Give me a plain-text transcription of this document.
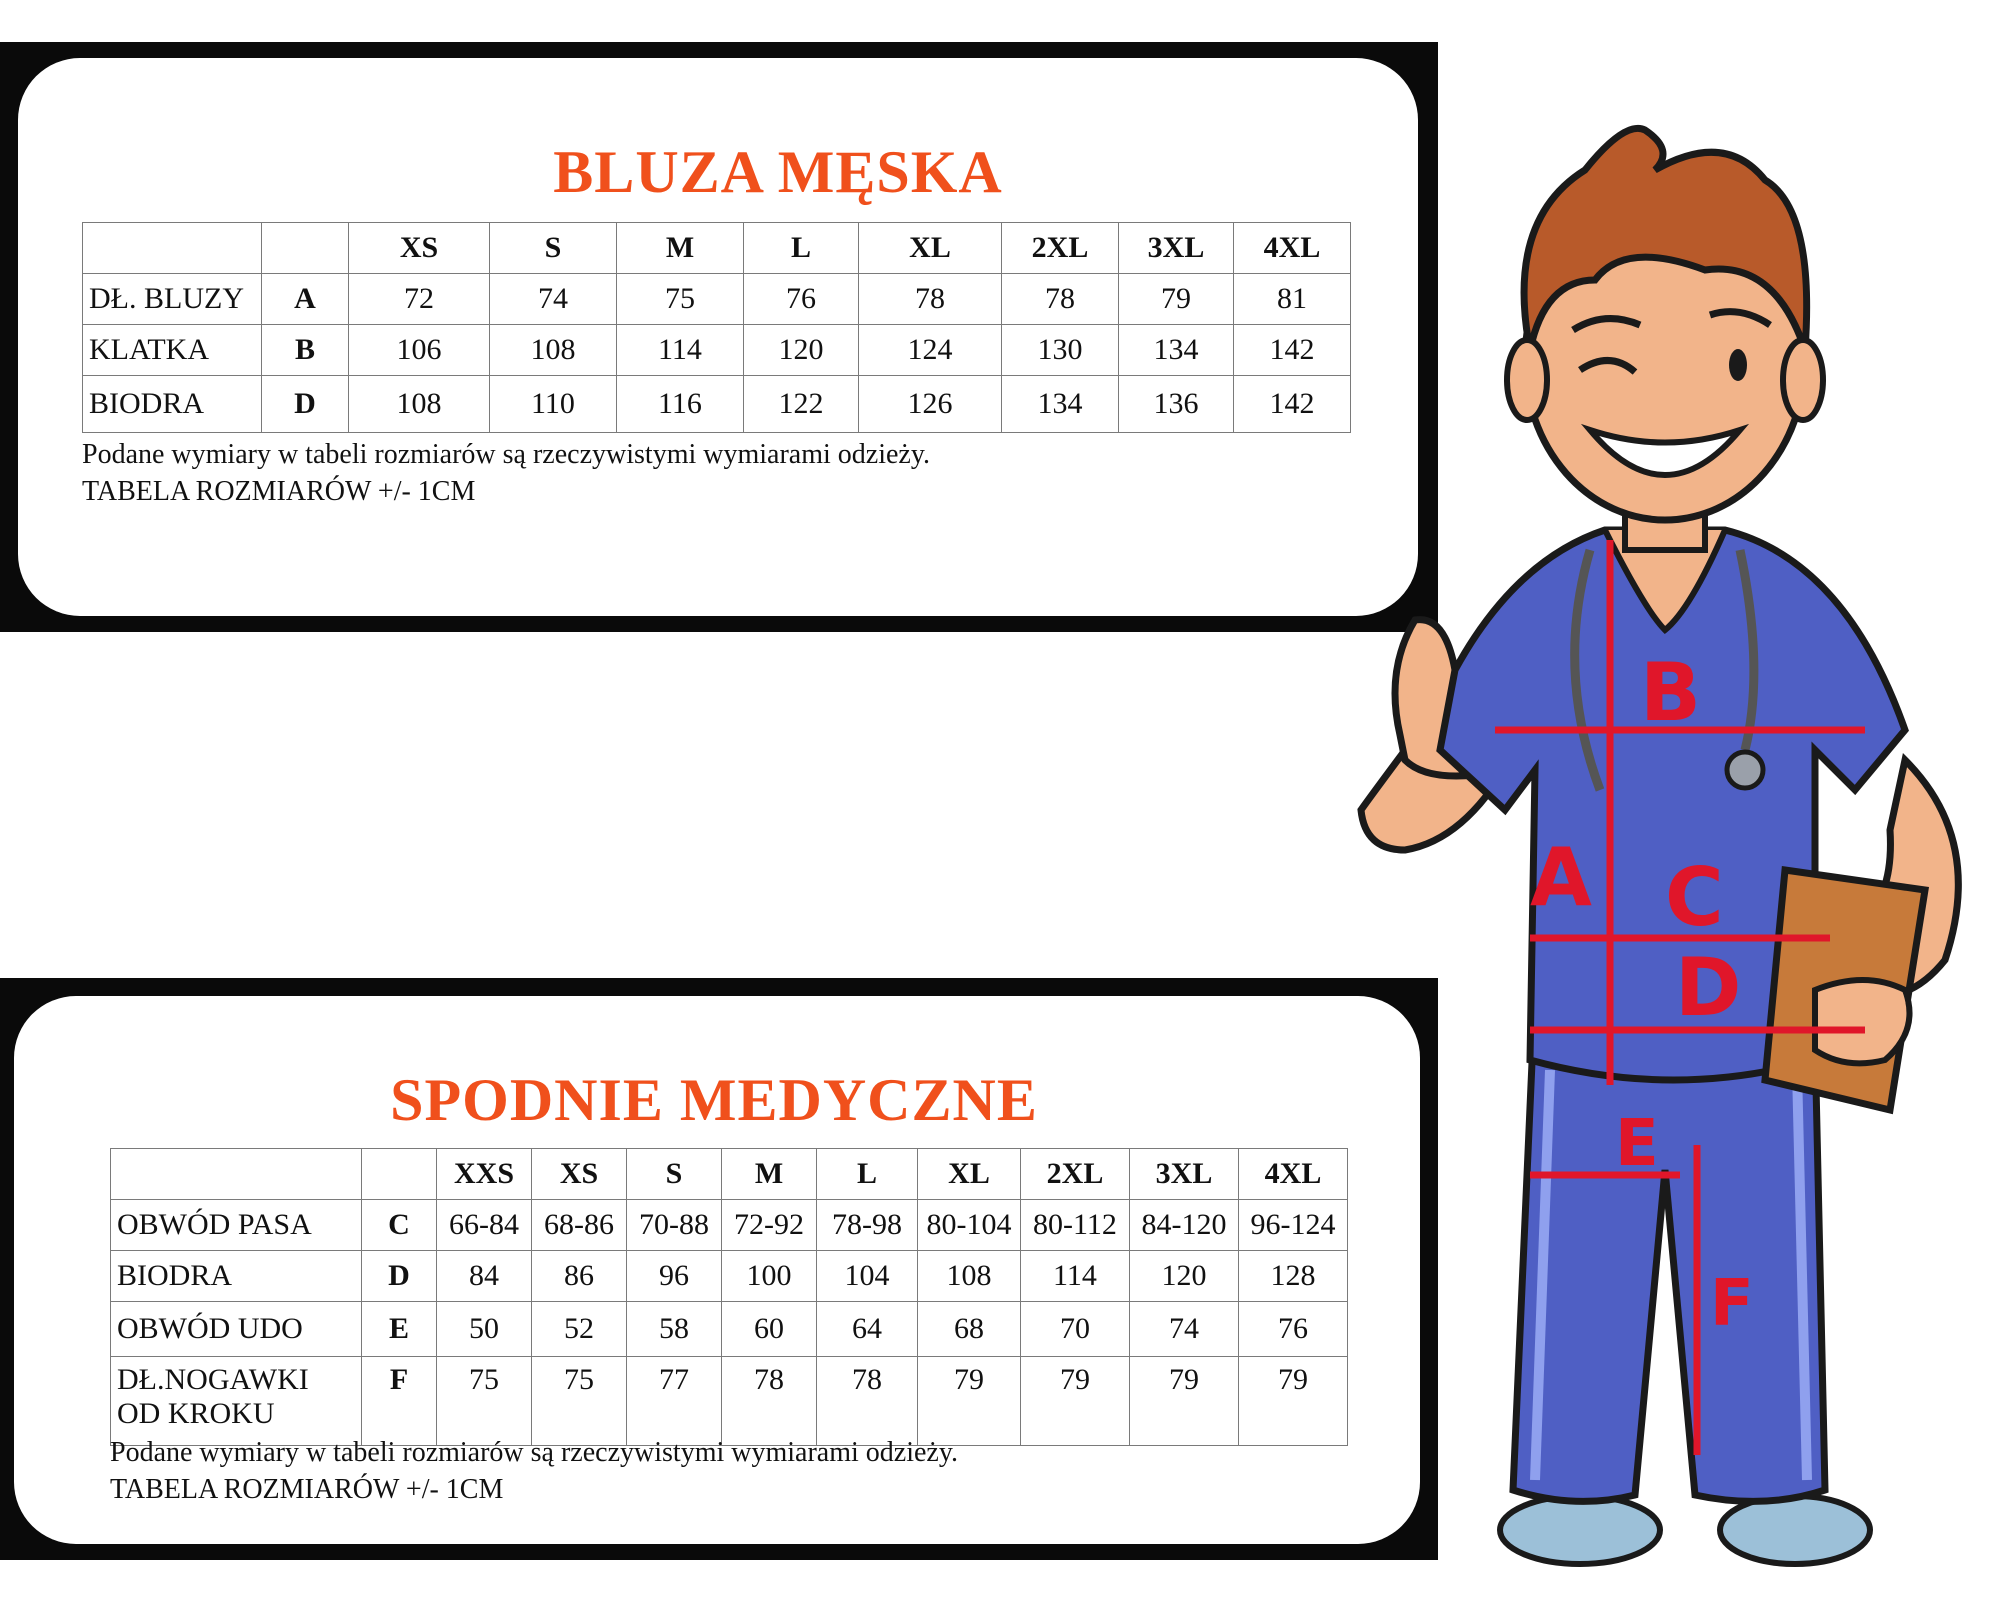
BLUZA MĘSKA
		XS	S	M	L	XL	2XL	3XL	4XL
DŁ. BLUZY	A	72	74	75	76	78	78	79	81
KLATKA	B	106	108	114	120	124	130	134	142
BIODRA	D	108	110	116	122	126	134	136	142
Podane wymiary w tabeli rozmiarów są rzeczywistymi wymiarami odzieży.
TABELA ROZMIARÓW +/- 1CM
SPODNIE MEDYCZNE
		XXS	XS	S	M	L	XL	2XL	3XL	4XL
OBWÓD PASA	C	66-84	68-86	70-88	72-92	78-98	80-104	80-112	84-120	96-124
BIODRA	D	84	86	96	100	104	108	114	120	128
OBWÓD UDO	E	50	52	58	60	64	68	70	74	76

DŁ.NOGAWKI
OD KROKU	F	75	75	77	78	78	79	79	79	79
Podane wymiary w tabeli rozmiarów są rzeczywistymi wymiarami odzieży.
TABELA ROZMIARÓW +/- 1CM
B
A C
D
E
F
